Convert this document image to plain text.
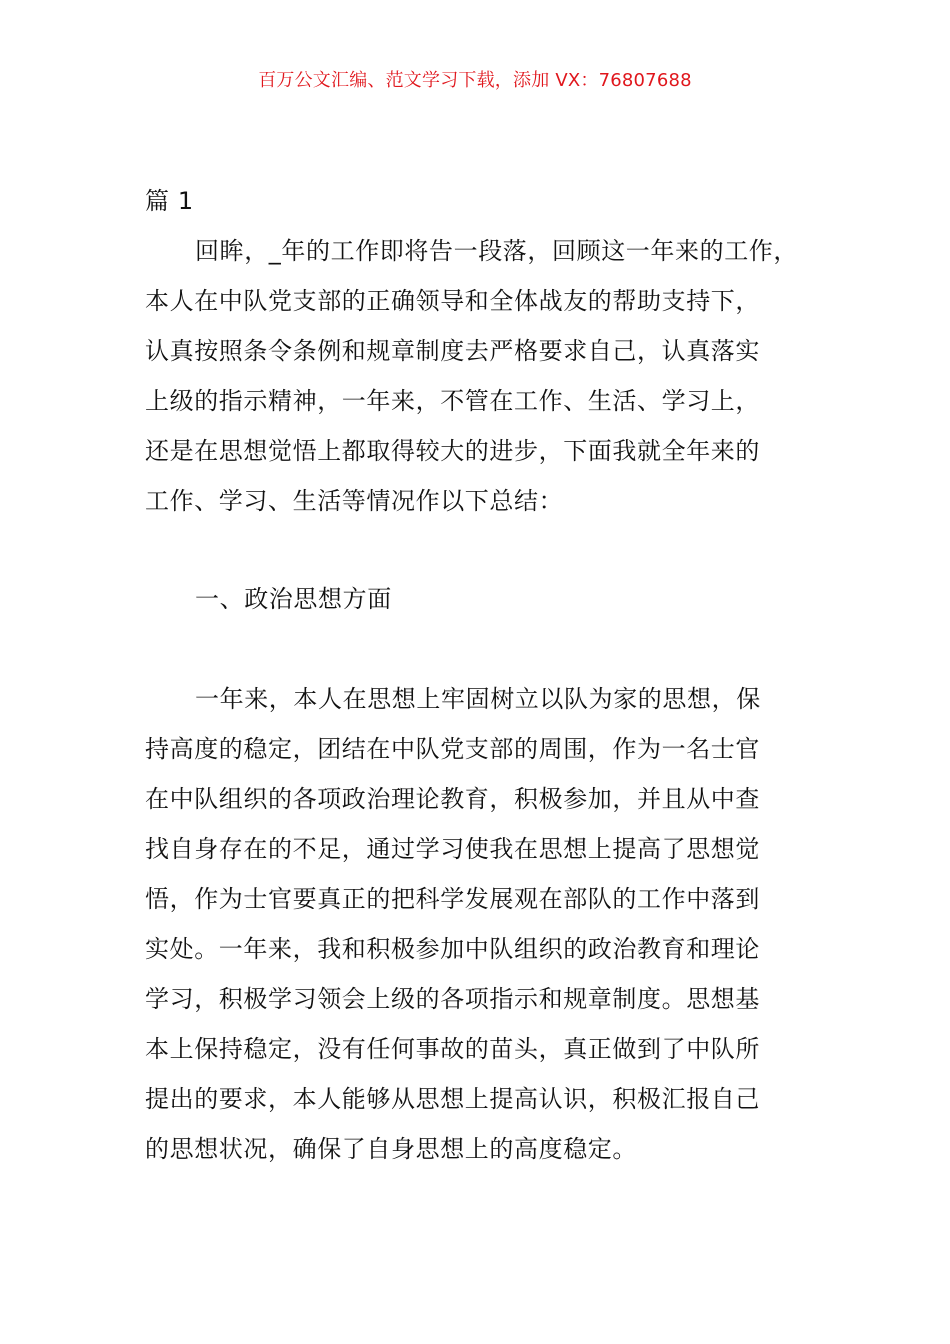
百万公文汇编、范文学习下载，添加 VX：76807688
篇 1
回眸，_年的工作即将告一段落，回顾这一年来的工作，
本人在中队党支部的正确领导和全体战友的帮助支持下，
认真按照条令条例和规章制度去严格要求自己，认真落实
上级的指示精神，一年来，不管在工作、生活、学习上，
还是在思想觉悟上都取得较大的进步，下面我就全年来的
工作、学习、生活等情况作以下总结：
一、政治思想方面
一年来，本人在思想上牢固树立以队为家的思想，保
持高度的稳定，团结在中队党支部的周围，作为一名士官
在中队组织的各项政治理论教育，积极参加，并且从中查
找自身存在的不足，通过学习使我在思想上提高了思想觉
悟，作为士官要真正的把科学发展观在部队的工作中落到
实处。一年来，我和积极参加中队组织的政治教育和理论
学习，积极学习领会上级的各项指示和规章制度。思想基
本上保持稳定，没有任何事故的苗头，真正做到了中队所
提出的要求，本人能够从思想上提高认识，积极汇报自己
的思想状况，确保了自身思想上的高度稳定。
